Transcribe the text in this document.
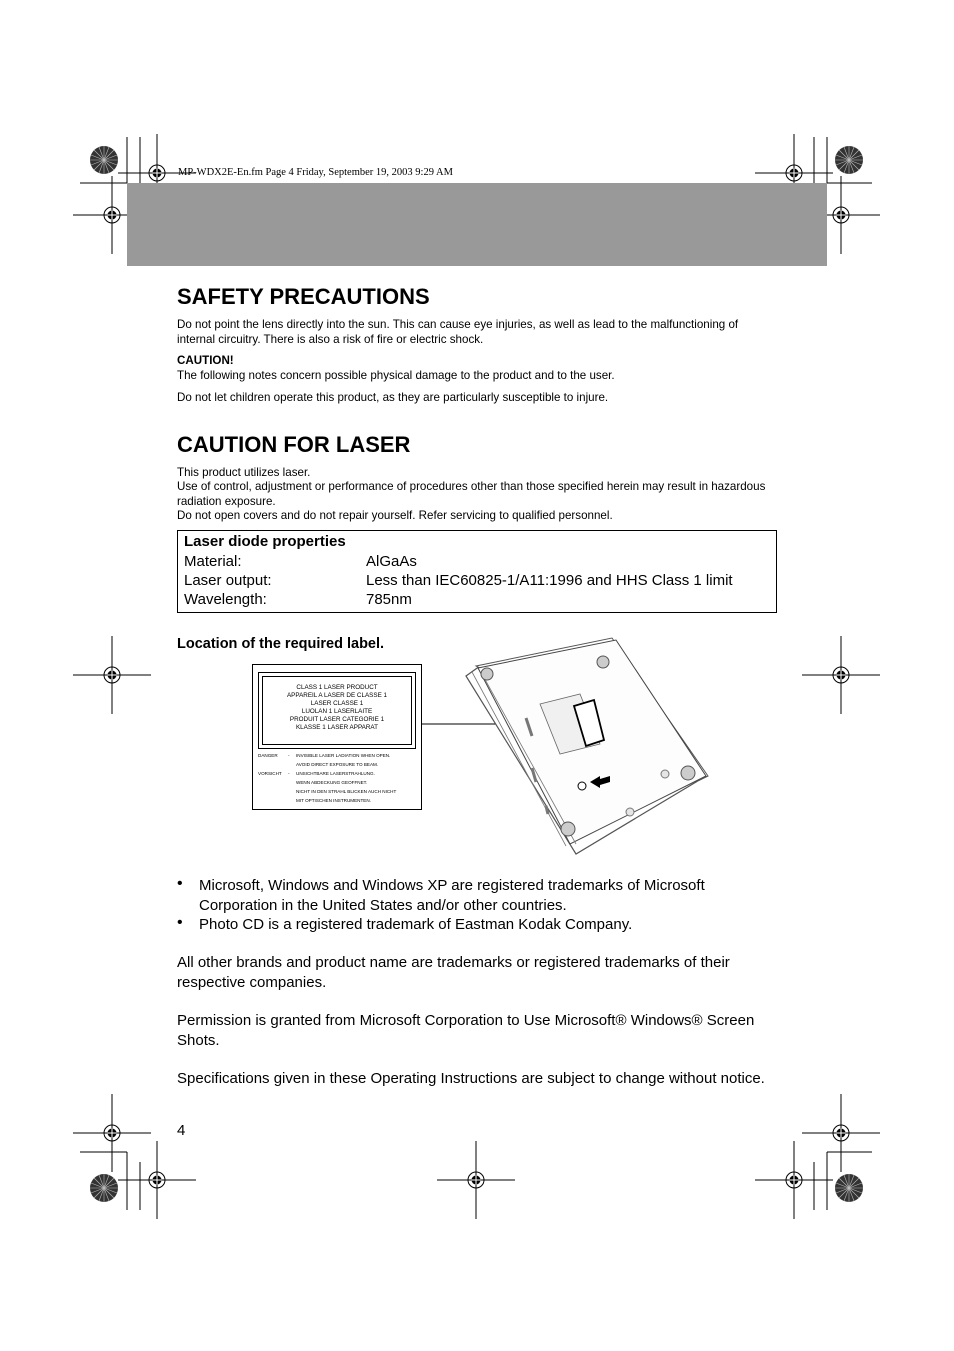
MP-WDX2E-En.fm Page 4 Friday, September 19, 2003 9:29 AM
SAFETY PRECAUTIONS

Do not point the lens directly into the sun. This can cause eye injuries, as well as lead to the malfunctioning of internal circuitry. There is also a risk of fire or electric shock.

CAUTION!

The following notes concern possible physical damage to the product and to the user.

Do not let children operate this product, as they are particularly susceptible to injure.

CAUTION FOR LASER

This product utilizes laser.

Use of control, adjustment or performance of procedures other than those specified herein may result in hazardous radiation exposure.

Do not open covers and do not repair yourself. Refer servicing to qualified personnel.

Laser diode properties
Material:	AlGaAs
Laser output:	Less than IEC60825-1/A11:1996 and HHS Class 1 limit
Wavelength:	785nm
Location of the required label.
CLASS 1 LASER PRODUCT
APPAREIL A LASER DE CLASSE 1
LASER CLASSE 1
LUOLAN 1 LASERLAITE
PRODUIT LASER CATEGORIE 1
KLASSE 1 LASER APPARAT
DANGER - INVISIBLE LASER LADIATION WHEN OPEN.
AVOID DIRECT EXPOSURE TO BEAM.
VORSICHT - UNSICHTBARE LASERSTRAHLUNG.
WENN ABDECKUNG GEOFFNET.
NICHT IN DEN STRAHL BLICKEN AUCH NICHT
MIT OPTISCHEN INSTRUMENTEN.
• Microsoft, Windows and Windows XP are registered trademarks of Microsoft Corporation in the United States and/or other countries.
• Photo CD is a registered trademark of Eastman Kodak Company.

All other brands and product name are trademarks or registered trademarks of their respective companies.

Permission is granted from Microsoft Corporation to Use Microsoft® Windows® Screen Shots.

Specifications given in these Operating Instructions are subject to change without notice.

4
